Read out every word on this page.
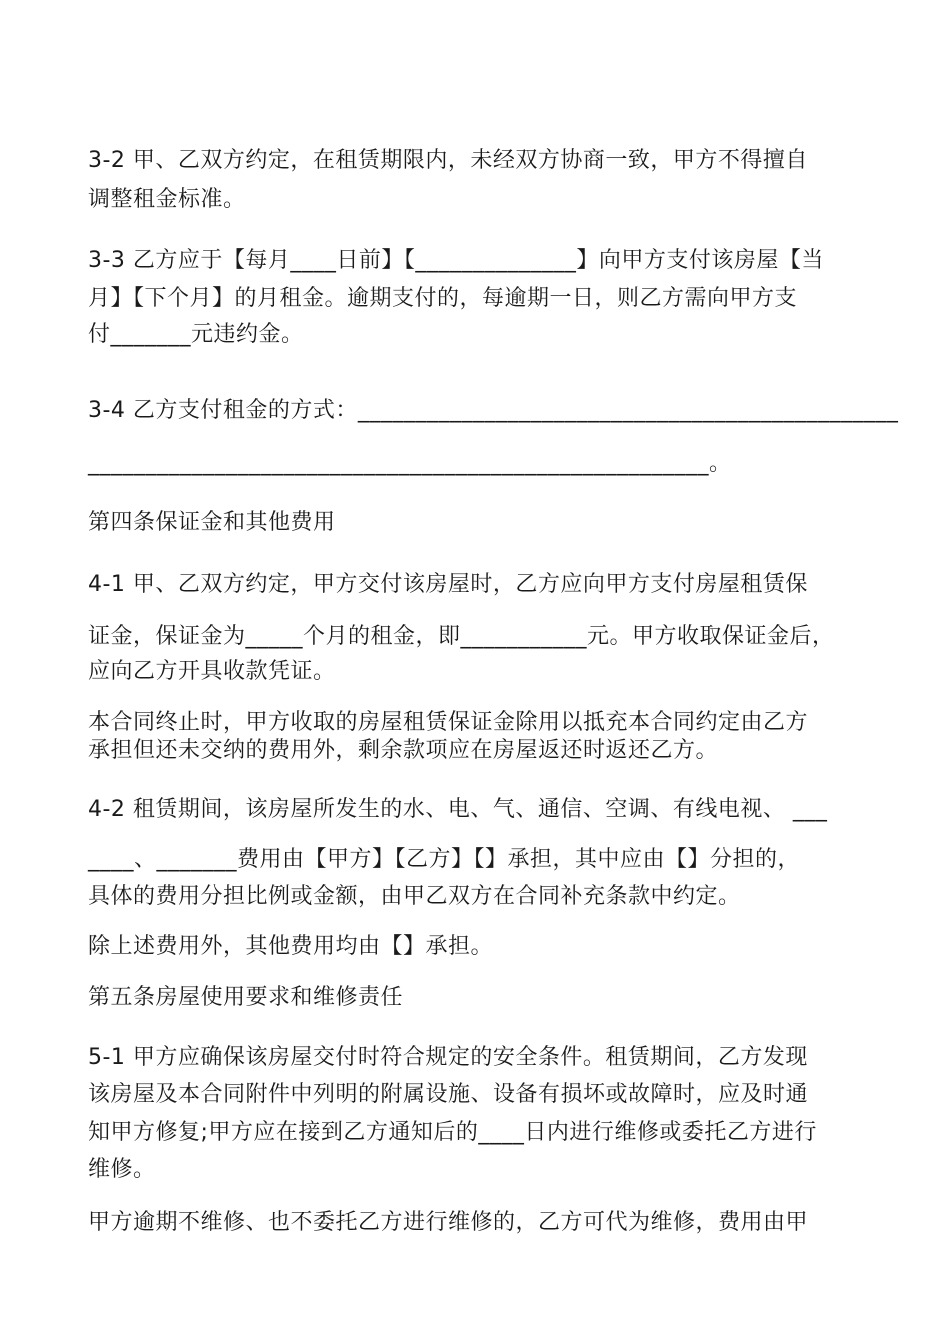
3-2 甲、乙双方约定，在租赁期限内，未经双方协商一致，甲方不得擅自
调整租金标准。
3-3 乙方应于【每月____日前】【______________】向甲方支付该房屋【当
月】【下个月】的月租金。逾期支付的，每逾期一日，则乙方需向甲方支
付_______元违约金。
3-4 乙方支付租金的方式：_______________________________________________
______________________________________________________。
第四条保证金和其他费用
4-1 甲、乙双方约定，甲方交付该房屋时，乙方应向甲方支付房屋租赁保
证金，保证金为_____个月的租金，即___________元。甲方收取保证金后，
应向乙方开具收款凭证。
本合同终止时，甲方收取的房屋租赁保证金除用以抵充本合同约定由乙方
承担但还未交纳的费用外，剩余款项应在房屋返还时返还乙方。
4-2 租赁期间，该房屋所发生的水、电、气、通信、空调、有线电视、 ___
____、_______费用由【甲方】【乙方】【】承担，其中应由【】分担的，
具体的费用分担比例或金额，由甲乙双方在合同补充条款中约定。
除上述费用外，其他费用均由【】承担。
第五条房屋使用要求和维修责任
5-1 甲方应确保该房屋交付时符合规定的安全条件。租赁期间，乙方发现
该房屋及本合同附件中列明的附属设施、设备有损坏或故障时，应及时通
知甲方修复;甲方应在接到乙方通知后的____日内进行维修或委托乙方进行
维修。
甲方逾期不维修、也不委托乙方进行维修的，乙方可代为维修，费用由甲
